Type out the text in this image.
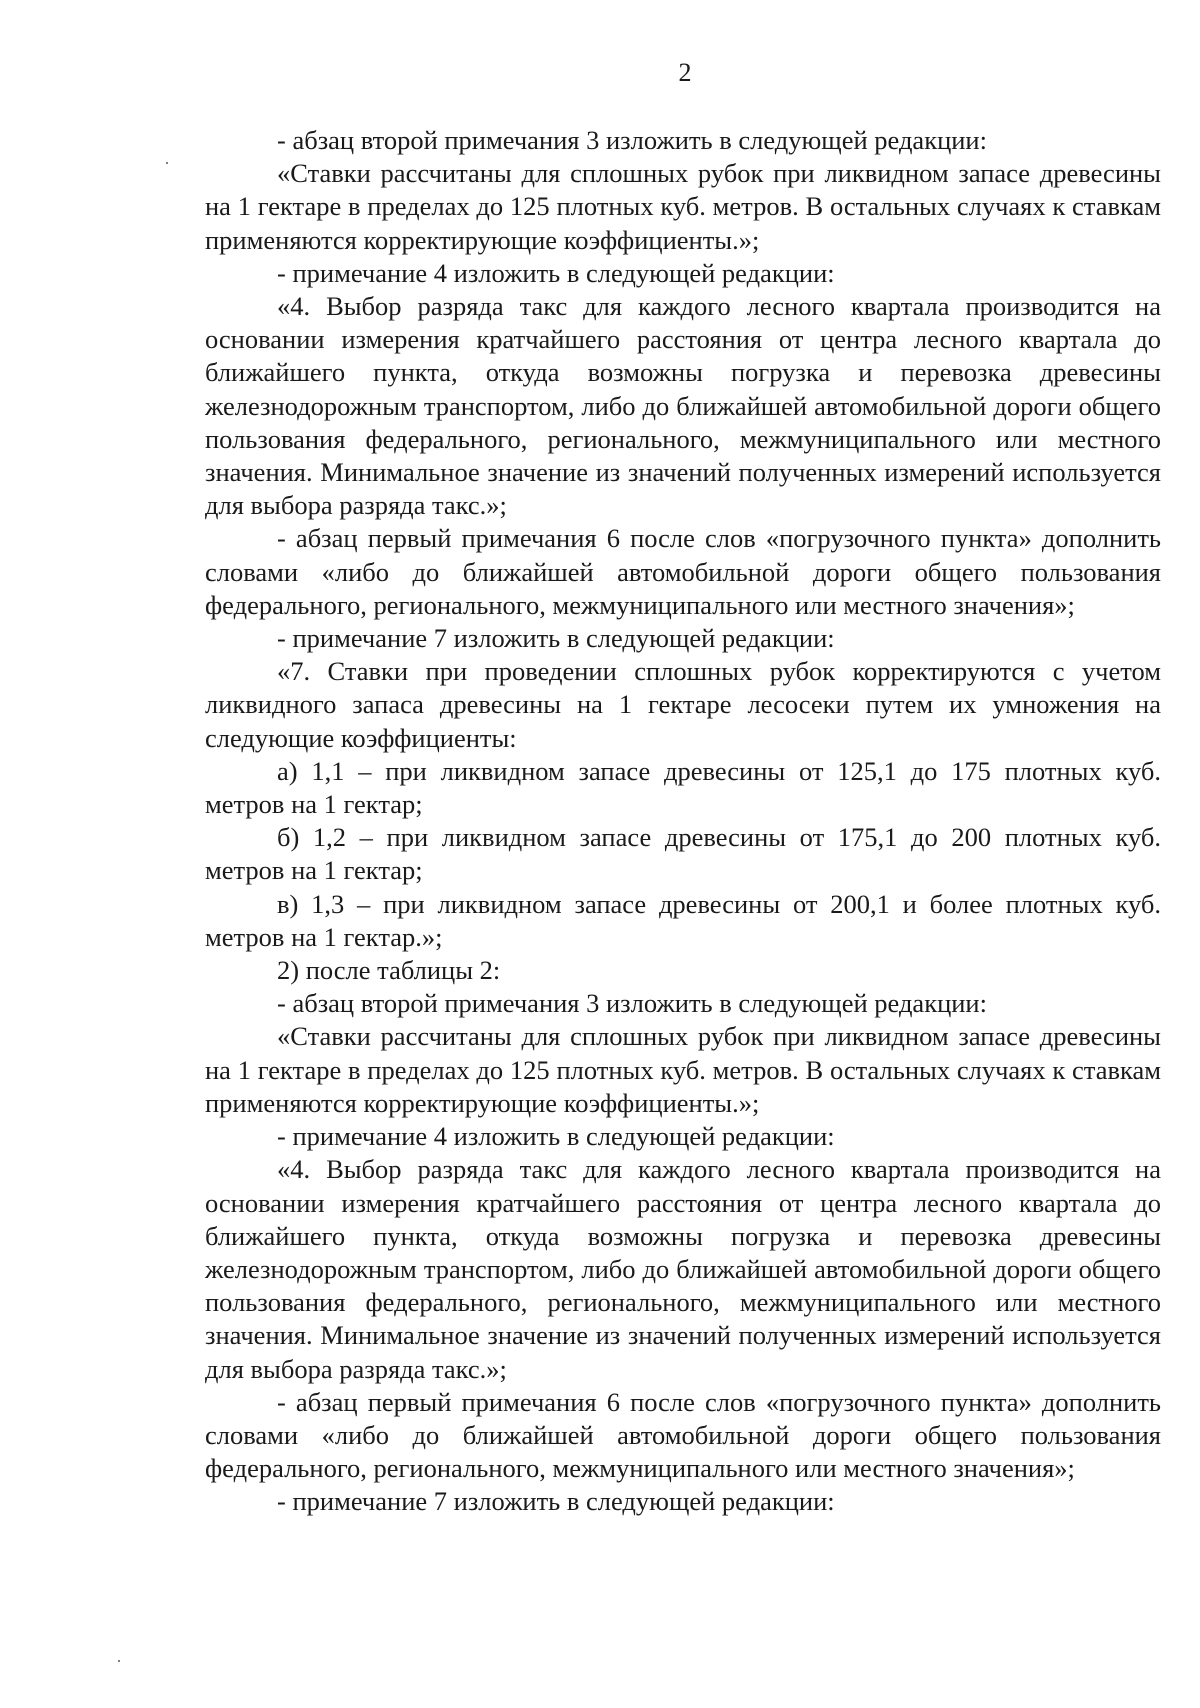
2

- абзац второй примечания 3 изложить в следующей редакции:

«Ставки рассчитаны для сплошных рубок при ликвидном запасе древесины на 1 гектаре в пределах до 125 плотных куб. метров. В остальных случаях к ставкам применяются корректирующие коэффициенты.»;

- примечание 4 изложить в следующей редакции:

«4. Выбор разряда такс для каждого лесного квартала производится на основании измерения кратчайшего расстояния от центра лесного квартала до ближайшего пункта, откуда возможны погрузка и перевозка древесины железнодорожным транспортом, либо до ближайшей автомобильной дороги общего пользования федерального, регионального, межмуниципального или местного значения. Минимальное значение из значений полученных измерений используется для выбора разряда такс.»;

- абзац первый примечания 6 после слов «погрузочного пункта» дополнить словами «либо до ближайшей автомобильной дороги общего пользования федерального, регионального, межмуниципального или местного значения»;

- примечание 7 изложить в следующей редакции:

«7. Ставки при проведении сплошных рубок корректируются с учетом ликвидного запаса древесины на 1 гектаре лесосеки путем их умножения на следующие коэффициенты:

а) 1,1 – при ликвидном запасе древесины от 125,1 до 175 плотных куб. метров на 1 гектар;

б) 1,2 – при ликвидном запасе древесины от 175,1 до 200 плотных куб. метров на 1 гектар;

в) 1,3 – при ликвидном запасе древесины от 200,1 и более плотных куб. метров на 1 гектар.»;

2) после таблицы 2:

- абзац второй примечания 3 изложить в следующей редакции:

«Ставки рассчитаны для сплошных рубок при ликвидном запасе древесины на 1 гектаре в пределах до 125 плотных куб. метров. В остальных случаях к ставкам применяются корректирующие коэффициенты.»;

- примечание 4 изложить в следующей редакции:

«4. Выбор разряда такс для каждого лесного квартала производится на основании измерения кратчайшего расстояния от центра лесного квартала до ближайшего пункта, откуда возможны погрузка и перевозка древесины железнодорожным транспортом, либо до ближайшей автомобильной дороги общего пользования федерального, регионального, межмуниципального или местного значения. Минимальное значение из значений полученных измерений используется для выбора разряда такс.»;

- абзац первый примечания 6 после слов «погрузочного пункта» дополнить словами «либо до ближайшей автомобильной дороги общего пользования федерального, регионального, межмуниципального или местного значения»;

- примечание 7 изложить в следующей редакции:
